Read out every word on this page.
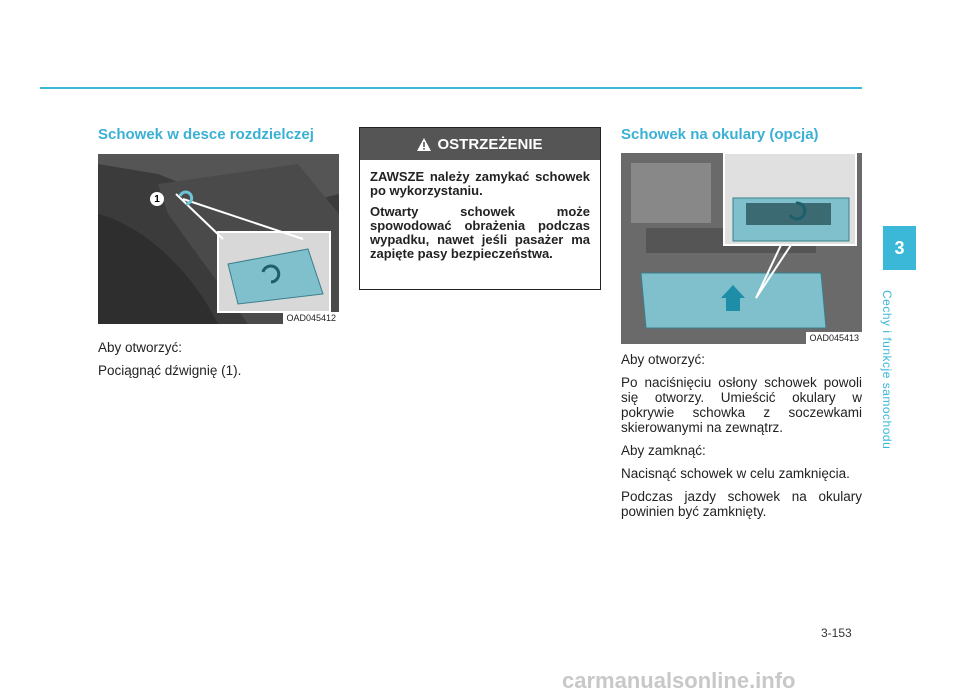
Schowek w desce rozdzielczej
1
OAD045412

Aby otworzyć:

Pociągnąć dźwignię (1).

OSTRZEŻENIE

ZAWSZE należy zamykać schowek po wykorzystaniu.

Otwarty schowek może spowodować obrażenia podczas wypadku, nawet jeśli pasażer ma zapięte pasy bezpieczeństwa.

Schowek na okulary (opcja)
OAD045413

Aby otworzyć:

Po naciśnięciu osłony schowek powoli się otworzy. Umieścić okulary w pokrywie schowka z soczewkami skierowanymi na zewnątrz.

Aby zamknąć:

Nacisnąć schowek w celu zamknięcia.

Podczas jazdy schowek na okulary powinien być zamknięty.

3
Cechy i funkcje samochodu
3-153
carmanualsonline.info
